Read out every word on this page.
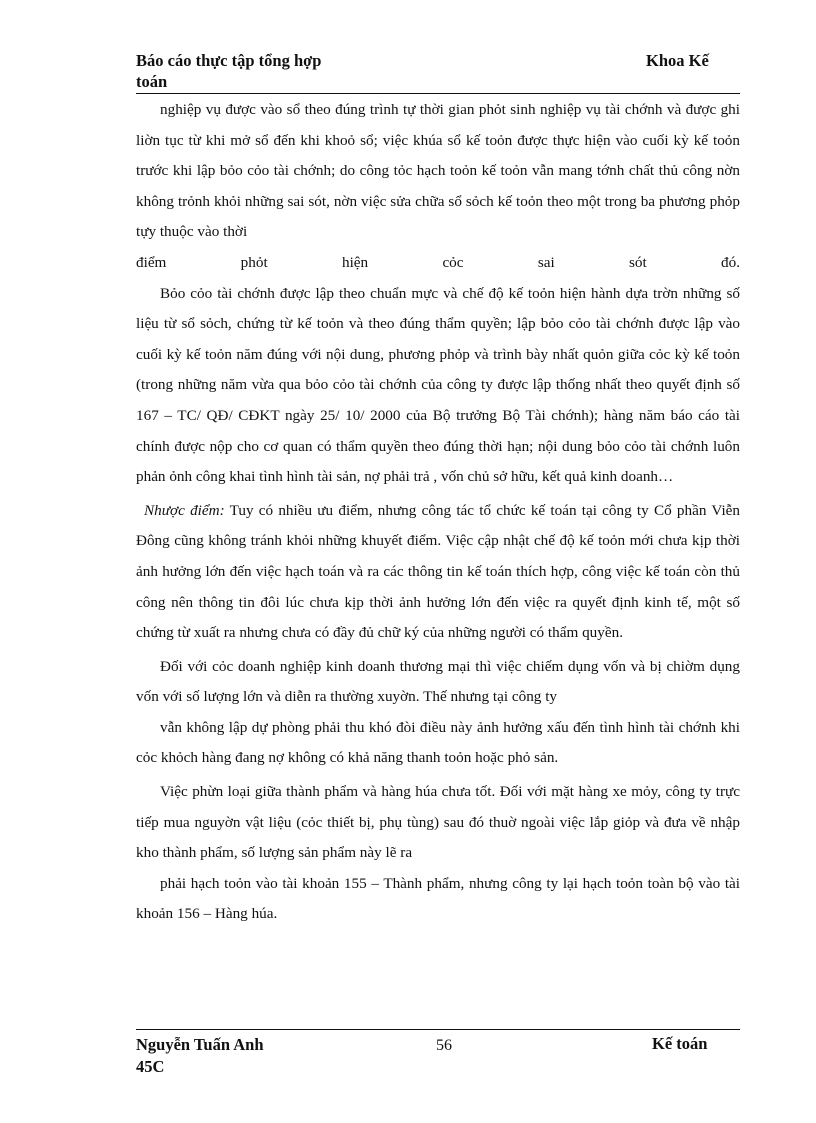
Báo cáo thực tập tổng hợp
toán
Khoa Kế

nghiệp vụ được vào sổ theo đúng trình tự thời gian phỏt sinh nghiệp vụ tài chớnh và được ghi liờn tục từ khi mở sổ đến khi khoỏ sổ; việc khúa sổ kế toỏn được thực hiện vào cuối kỳ kế toỏn trước khi lập bỏo cỏo tài chớnh; do công tỏc hạch toỏn kế toỏn vẫn mang tớnh chất thủ công nờn không trỏnh khỏi những sai sót, nờn việc sửa chữa sổ sỏch kế toỏn theo một trong ba phương phỏp tựy thuộc vào thời

điểm	phỏt	hiện	cỏc	sai	sót	đó.

Bỏo cỏo tài chớnh được lập theo chuẩn mực và chế độ kế toỏn hiện hành dựa trờn những số liệu từ sổ sỏch, chứng từ kế toỏn và theo đúng thẩm quyền; lập bỏo cỏo tài chớnh được lập vào cuối kỳ kế toỏn năm đúng với nội dung, phương phỏp và trình bày nhất quỏn giữa cỏc kỳ kế toỏn (trong những năm vừa qua bỏo cỏo tài chớnh của công ty được lập thống nhất theo quyết định số 167 – TC/ QĐ/ CĐKT ngày 25/ 10/ 2000 của Bộ trưởng Bộ Tài chớnh); hàng năm báo cáo tài chính được nộp cho cơ quan có thẩm quyền theo đúng thời hạn; nội dung bỏo cỏo tài chớnh luôn phản ỏnh công khai tình hình tài sản, nợ phải trả , vốn chủ sở hữu, kết quả kinh doanh…

Nhược điểm: Tuy có nhiều ưu điểm, nhưng công tác tổ chức kế toán tại công ty Cổ phần Viễn Đông cũng không tránh khỏi những khuyết điểm. Việc cập nhật chế độ kế toỏn mới chưa kịp thời ảnh hưởng lớn đến việc hạch toán và ra các thông tin kế toán thích hợp, công việc kế toán còn thủ công nên thông tin đôi lúc chưa kịp thời ảnh hưởng lớn đến việc ra quyết định kinh tế, một số chứng từ xuất ra nhưng chưa có đầy đủ chữ ký của những người có thẩm quyền.

Đối với cỏc doanh nghiệp kinh doanh thương mại thì việc chiếm dụng vốn và bị chiờm dụng vốn với số lượng lớn và diễn ra thường xuyờn. Thế nhưng tại công ty

vẫn không lập dự phòng phải thu khó đòi điều này ảnh hưởng xấu đến tình hình tài chớnh khi cỏc khỏch hàng đang nợ không có khả năng thanh toỏn hoặc phỏ sản.

Việc phừn loại giữa thành phẩm và hàng húa chưa tốt. Đối với mặt hàng xe mỏy, công ty trực tiếp mua nguyờn vật liệu (cỏc thiết bị, phụ tùng) sau đó thuờ ngoài việc lắp giỏp và đưa về nhập kho thành phẩm, số lượng sản phẩm này lẽ ra

phải hạch toỏn vào tài khoản 155 – Thành phẩm, nhưng công ty lại hạch toỏn toàn bộ vào tài khoản 156 – Hàng húa.

Nguyễn Tuấn Anh
45C
56	Kế toán
